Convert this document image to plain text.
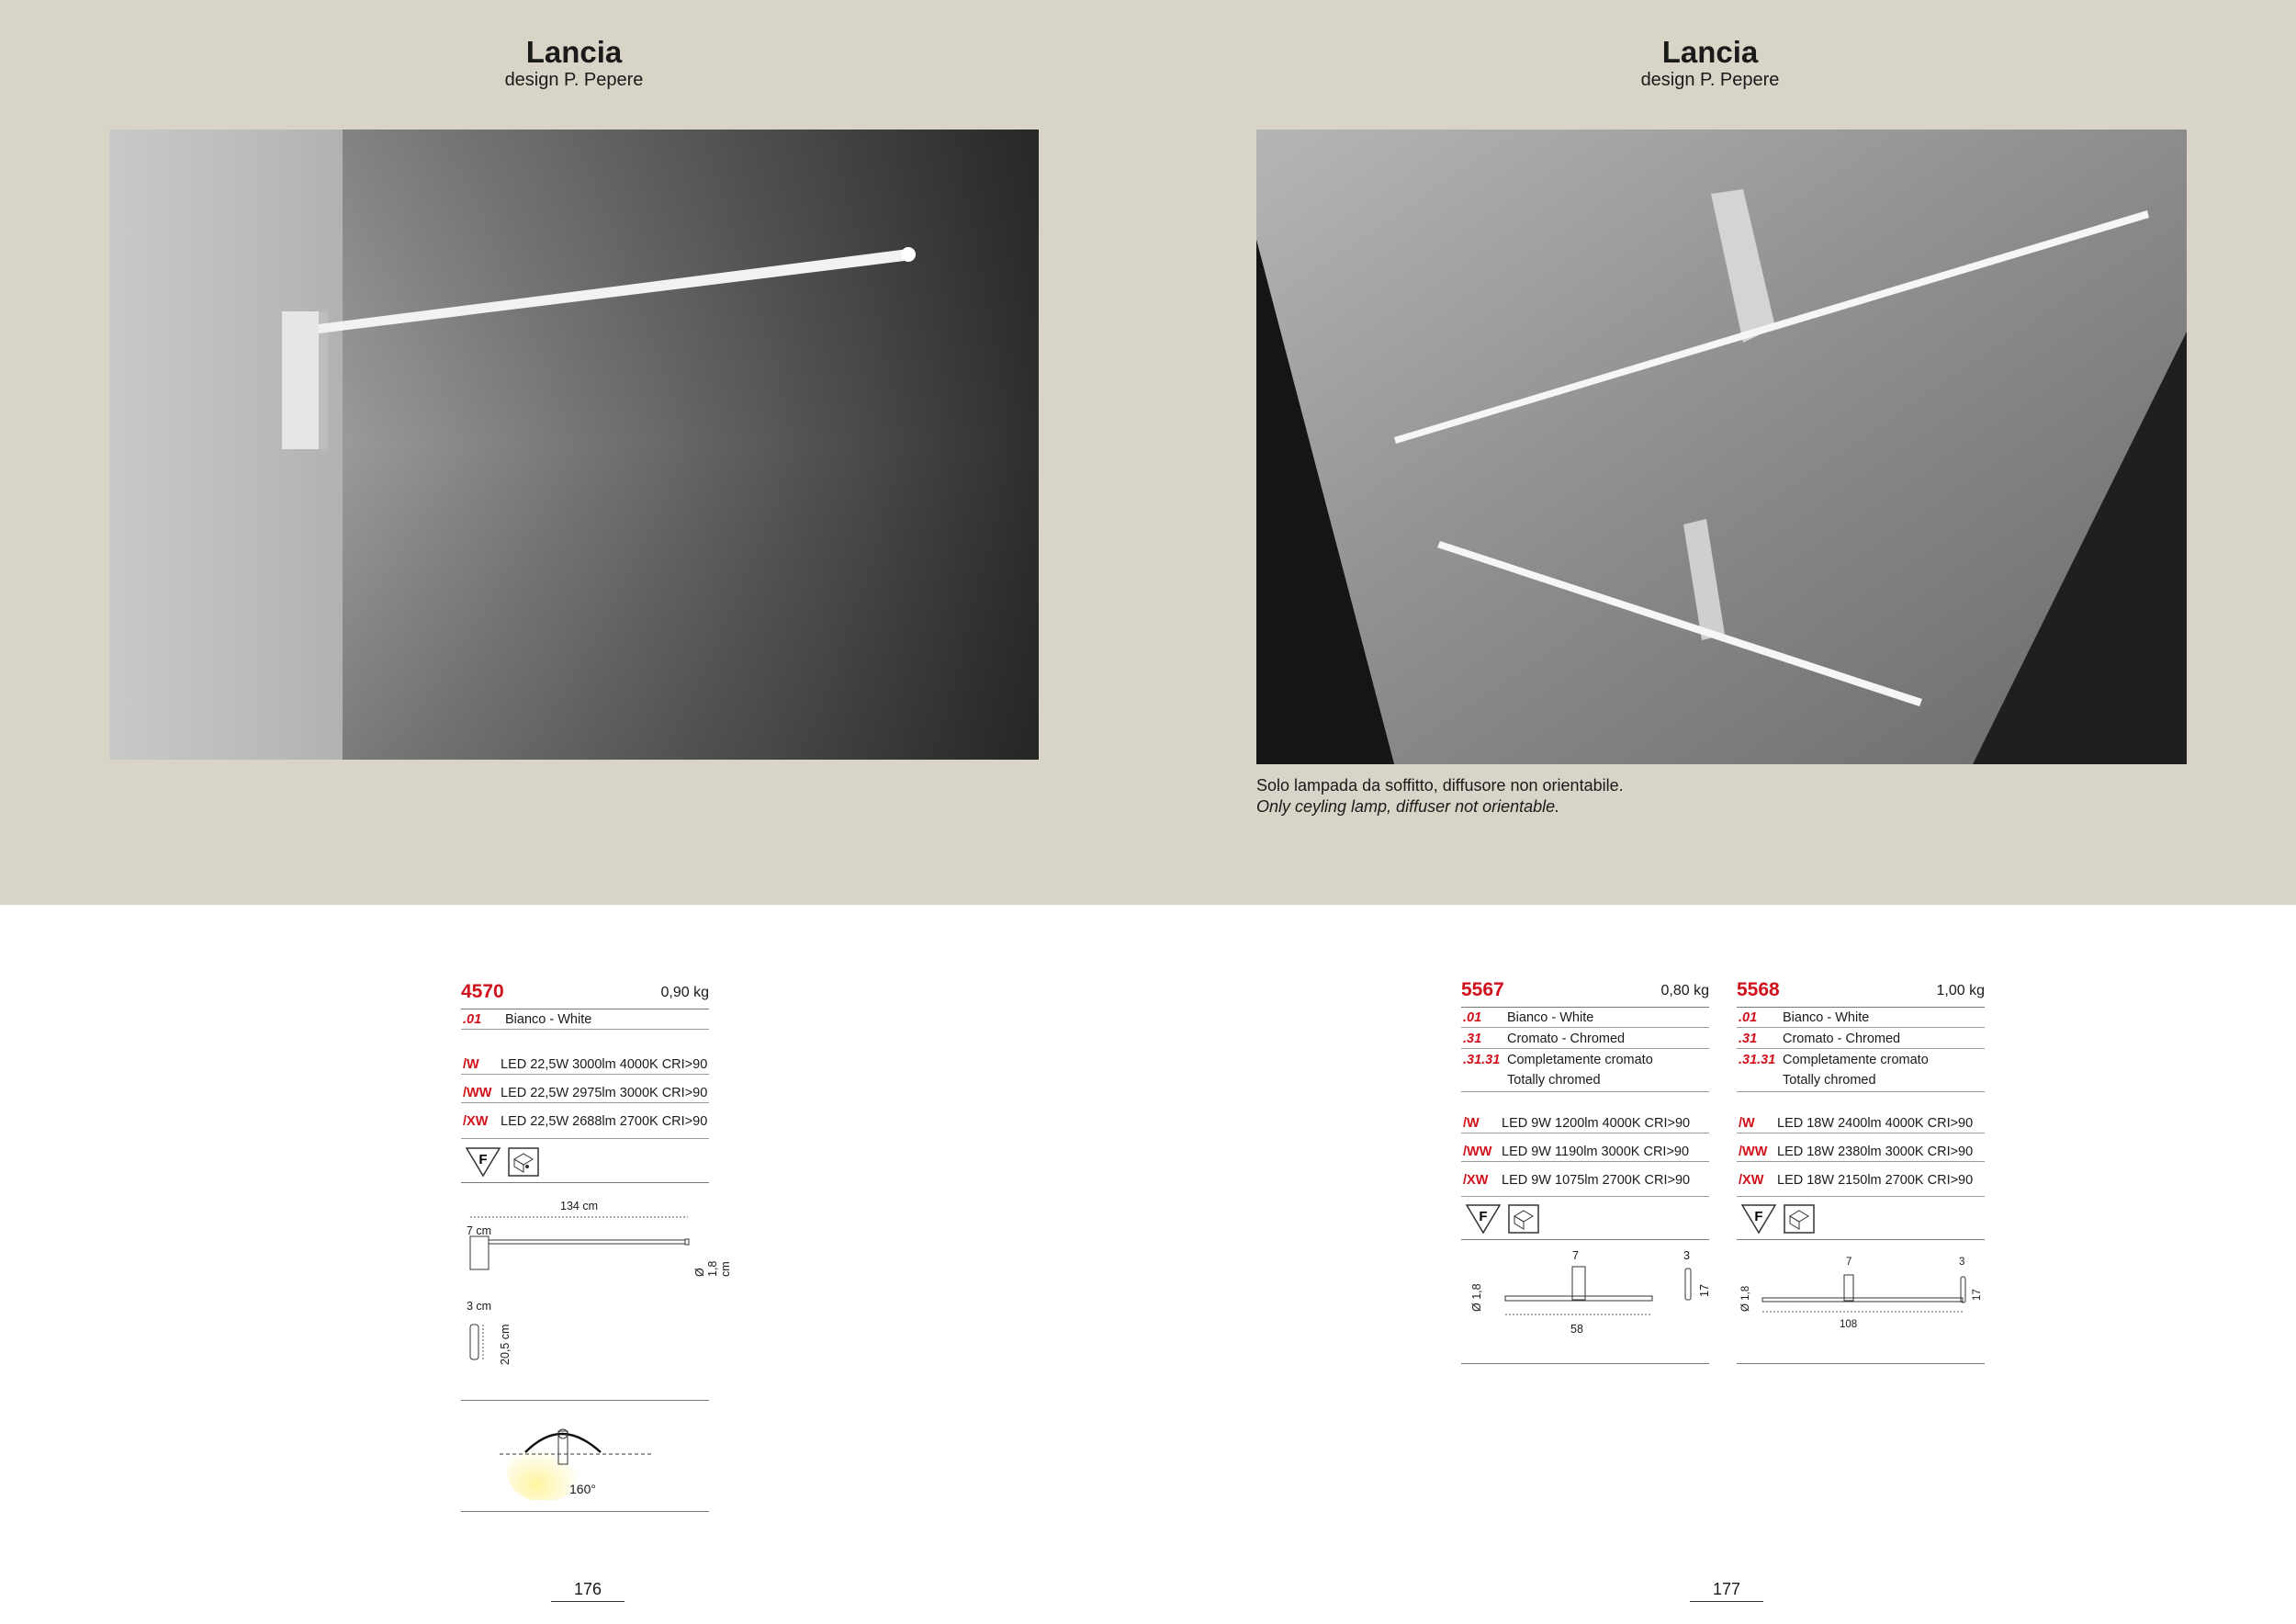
Lancia
design P. Pepere
Lancia
design P. Pepere
Solo lampada da soffitto, diffusore non orientabile.
Only ceyling lamp, diffuser not orientable.
4570	0,90 kg
.01 Bianco - White
/W LED 22,5W 3000lm 4000K CRI>90
/WW LED 22,5W 2975lm 3000K CRI>90
/XW LED 22,5W 2688lm 2700K CRI>90
F
134 cm
7 cm
Ø 1,8 cm
3 cm
20,5 cm
160°
5567	0,80 kg
.01 Bianco - White
.31 Cromato - Chromed
.31.31 Completamente cromato
Totally chromed
/W LED 9W 1200lm 4000K CRI>90
/WW LED 9W 1190lm 3000K CRI>90
/XW LED 9W 1075lm 2700K CRI>90
F
7	3
Ø 1,8	17
58
5568	1,00 kg
.01 Bianco - White
.31 Cromato - Chromed
.31.31 Completamente cromato
Totally chromed
/W LED 18W 2400lm 4000K CRI>90
/WW LED 18W 2380lm 3000K CRI>90
/XW LED 18W 2150lm 2700K CRI>90
F
7	3
Ø 1,8	17
108
176	177
